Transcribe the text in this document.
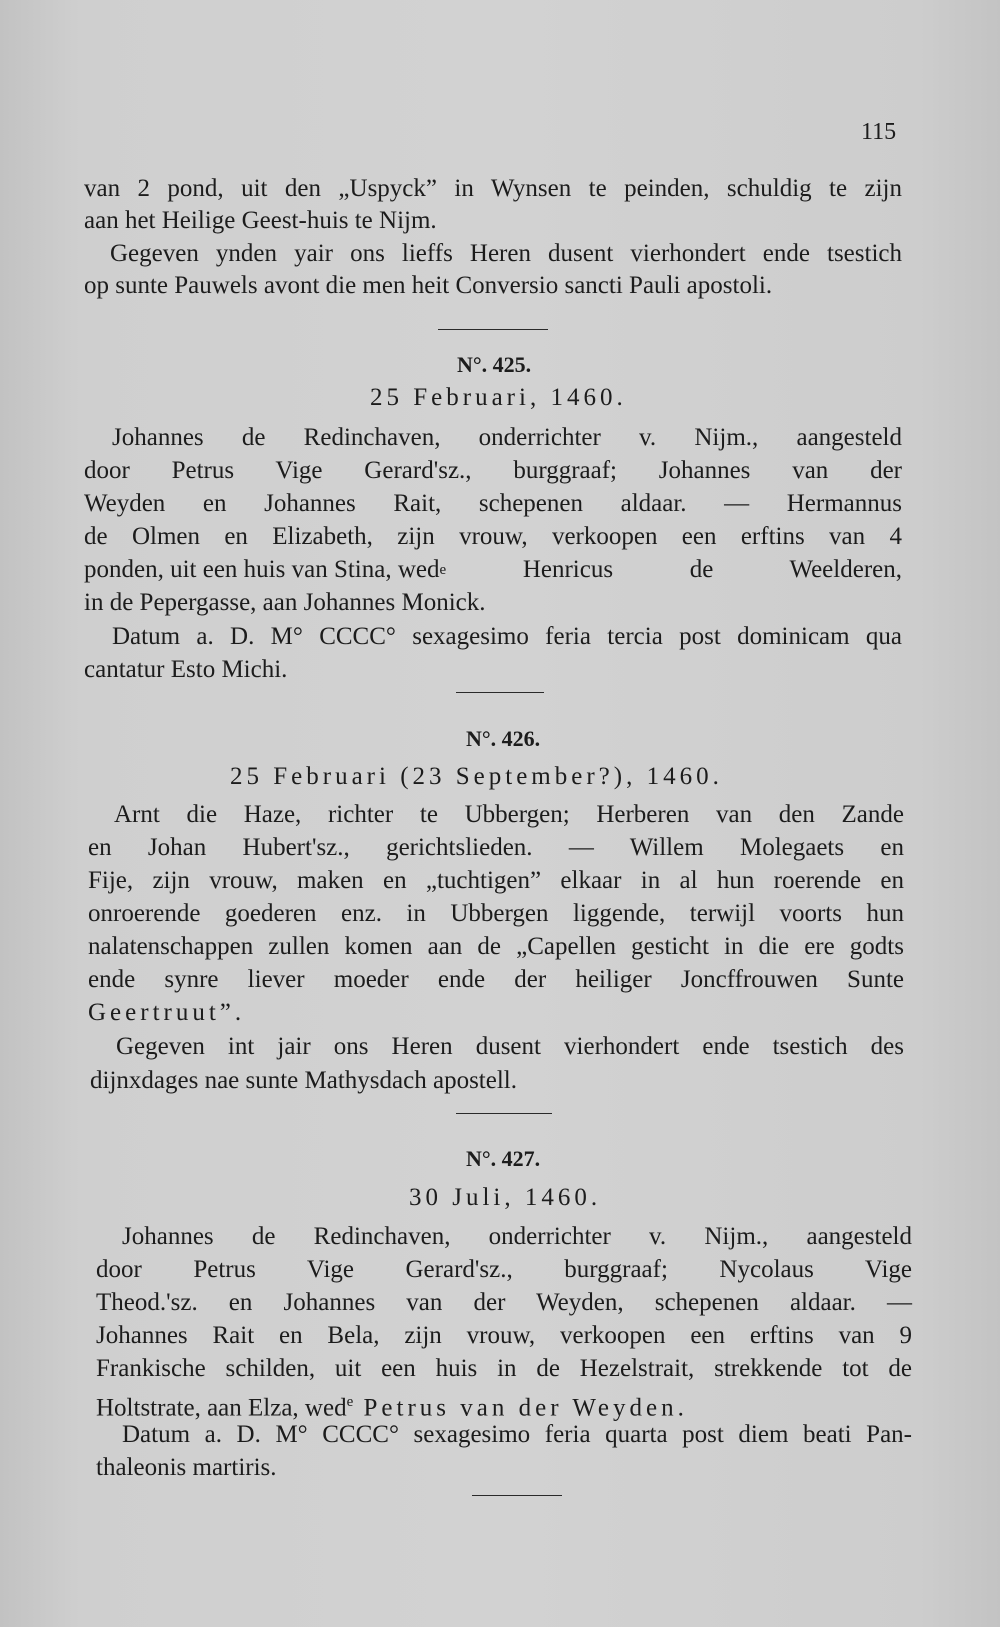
115
van 2 pond, uit den „Uspyck” in Wynsen te peinden, schuldig te zijn
aan het Heilige Geest-huis te Nijm.
Gegeven ynden yair ons lieffs Heren dusent vierhondert ende tsestich
op sunte Pauwels avont die men heit Conversio sancti Pauli apostoli.
N°. 425.
25 Februari, 1460.
Johannes de Redinchaven, onderrichter v. Nijm., aangesteld
door Petrus Vige Gerard'sz., burggraaf; Johannes van der
Weyden en Johannes Rait, schepenen aldaar. — Hermannus
de Olmen en Elizabeth, zijn vrouw, verkoopen een erftins van 4
ponden, uit een huis van Stina, wed e Henricus de Weelderen,
in de Pepergasse, aan Johannes Monick.
Datum a. D. M° CCCC° sexagesimo feria tercia post dominicam qua
cantatur Esto Michi.
N°. 426.
25 Februari (23 September?), 1460.
Arnt die Haze, richter te Ubbergen; Herberen van den Zande
en Johan Hubert'sz., gerichtslieden. — Willem Molegaets en
Fije, zijn vrouw, maken en „tuchtigen” elkaar in al hun roerende en
onroerende goederen enz. in Ubbergen liggende, terwijl voorts hun
nalatenschappen zullen komen aan de „Capellen gesticht in die ere godts
ende synre liever moeder ende der heiliger Joncffrouwen Sunte
Geertruut”.
Gegeven int jair ons Heren dusent vierhondert ende tsestich des
dijnxdages nae sunte Mathysdach apostell.
N°. 427.
30 Juli, 1460.
Johannes de Redinchaven, onderrichter v. Nijm., aangesteld
door Petrus Vige Gerard'sz., burggraaf; Nycolaus Vige
Theod.'sz. en Johannes van der Weyden, schepenen aldaar. —
Johannes Rait en Bela, zijn vrouw, verkoopen een erftins van 9
Frankische schilden, uit een huis in de Hezelstrait, strekkende tot de
Holtstrate, aan Elza, wed$^e$ Petrus van der Weyden.
Datum a. D. M° CCCC° sexagesimo feria quarta post diem beati Pan-
thaleonis martiris.
